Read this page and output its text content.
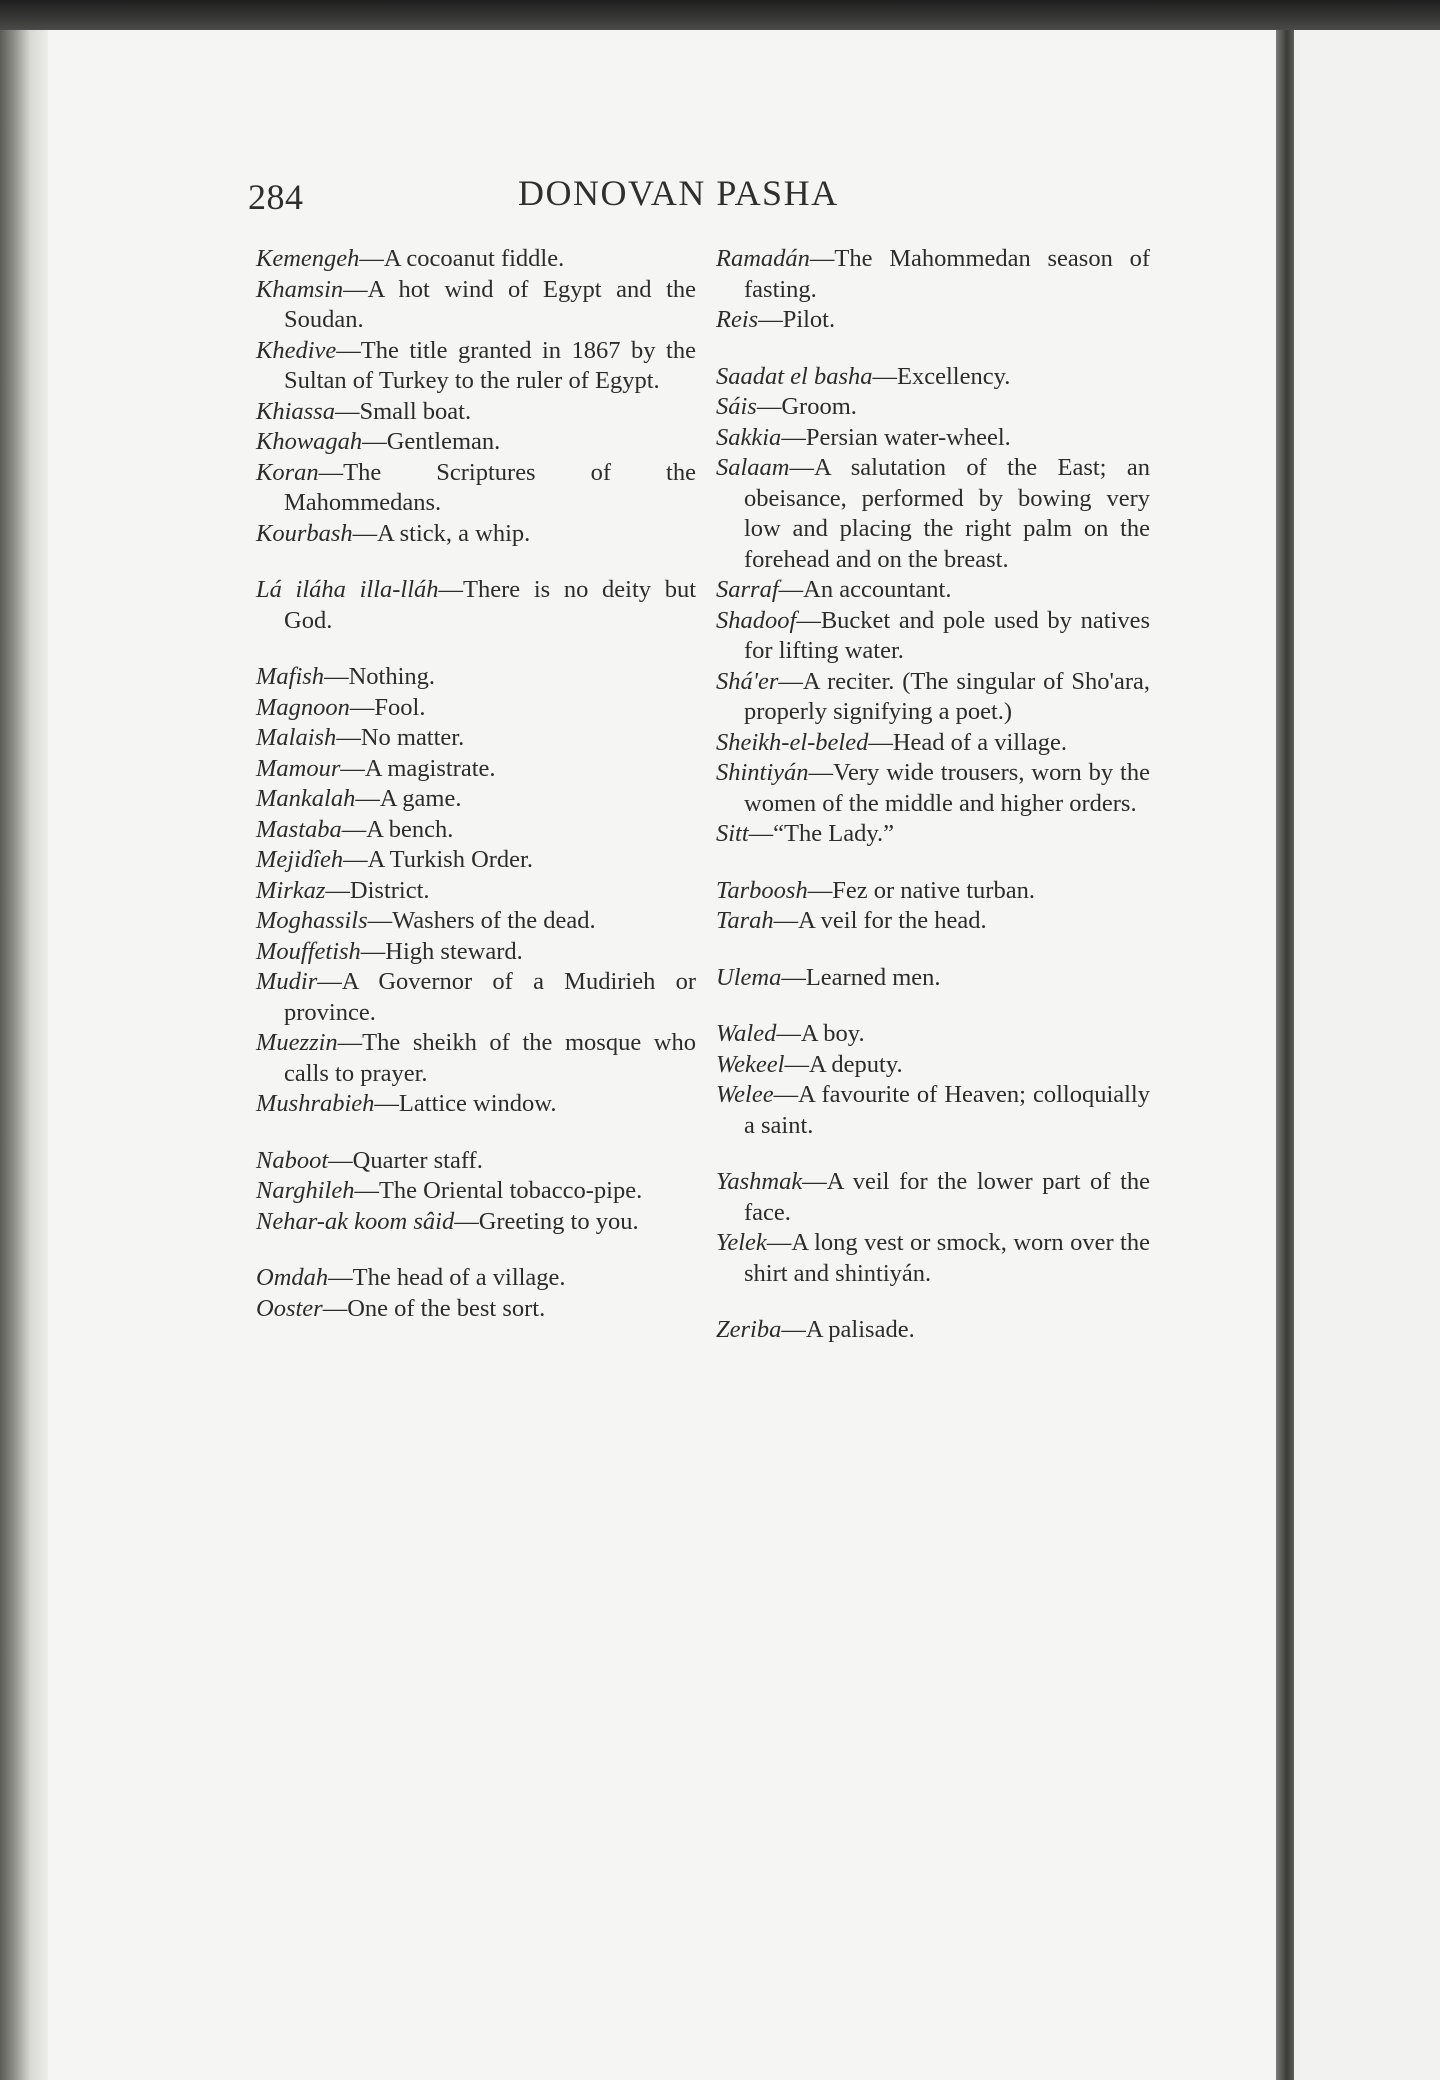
284	DONOVAN PASHA

Kemengeh — A cocoanut fiddle.

Khamsin — A hot wind of Egypt and the Soudan.

Khedive — The title granted in 1867 by the Sultan of Turkey to the ruler of Egypt.

Khiassa — Small boat.

Khowagah — Gentleman.

Koran — The Scriptures of the Mahommedans.

Kourbash — A stick, a whip.

Lá iláha illa-lláh — There is no deity but God.

Mafish — Nothing.

Magnoon — Fool.

Malaish — No matter.

Mamour — A magistrate.

Mankalah — A game.

Mastaba — A bench.

Mejidîeh — A Turkish Order.

Mirkaz — District.

Moghassils — Washers of the dead.

Mouffetish — High steward.

Mudir — A Governor of a Mudirieh or province.

Muezzin — The sheikh of the mosque who calls to prayer.

Mushrabieh — Lattice window.

Naboot — Quarter staff.

Narghileh — The Oriental tobacco-pipe.

Nehar-ak koom sâid — Greeting to you.

Omdah — The head of a village.

Ooster — One of the best sort.

Ramadán — The Mahommedan season of fasting.

Reis — Pilot.

Saadat el basha — Excellency.

Sáis — Groom.

Sakkia — Persian water-wheel.

Salaam — A salutation of the East; an obeisance, performed by bowing very low and placing the right palm on the forehead and on the breast.

Sarraf — An accountant.

Shadoof — Bucket and pole used by natives for lifting water.

Shá'er — A reciter. (The singular of Sho'ara, properly signifying a poet.)

Sheikh-el-beled — Head of a village.

Shintiyán — Very wide trousers, worn by the women of the middle and higher orders.

Sitt — “The Lady.”

Tarboosh — Fez or native turban.

Tarah — A veil for the head.

Ulema — Learned men.

Waled — A boy.

Wekeel — A deputy.

Welee — A favourite of Heaven; colloquially a saint.

Yashmak — A veil for the lower part of the face.

Yelek — A long vest or smock, worn over the shirt and shintiyán.

Zeriba — A palisade.
